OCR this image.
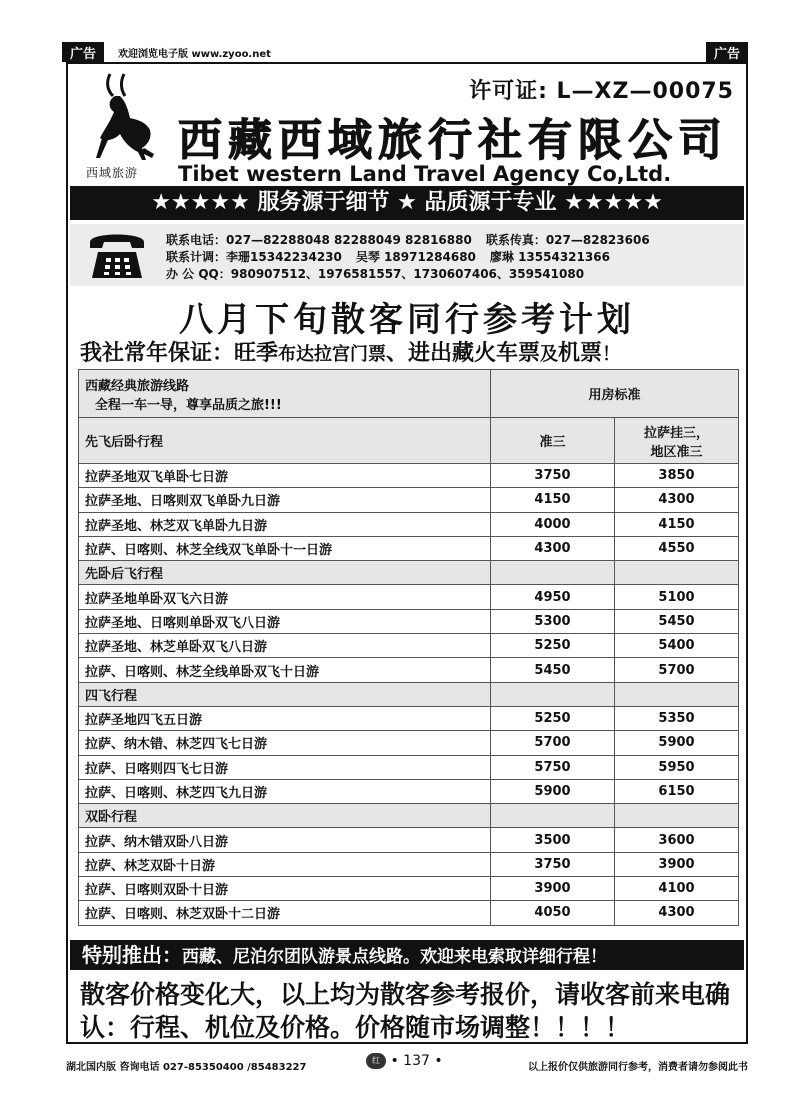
广告	欢迎浏览电子版 www.zyoo.net	广告
西域旅游
许可证: L—XZ—00075
西藏西域旅行社有限公司
Tibet western Land Travel Agency Co,Ltd.
★★★★★ 服务源于细节 ★ 品质源于专业 ★★★★★
联系电话：027—82288048 82288049 82816880 联系传真：027—82823606
联系计调：李珊15342234230 吴琴 18971284680 廖琳 13554321366
办 公 QQ：980907512、1976581557、1730607406、359541080
八月下旬散客同行参考计划
我社常年保证：旺季布达拉宫门票、进出藏火车票及机票！
西藏经典旅游线路
全程一车一导，尊享品质之旅!!!	用房标准	
先飞后卧行程	准三	拉萨挂三，
地区准三

拉萨圣地双飞单卧七日游	3750	3850
拉萨圣地、日喀则双飞单卧九日游	4150	4300
拉萨圣地、林芝双飞单卧九日游	4000	4150
拉萨、日喀则、林芝全线双飞单卧十一日游	4300	4550
先卧后飞行程		
拉萨圣地单卧双飞六日游	4950	5100
拉萨圣地、日喀则单卧双飞八日游	5300	5450
拉萨圣地、林芝单卧双飞八日游	5250	5400
拉萨、日喀则、林芝全线单卧双飞十日游	5450	5700
四飞行程		
拉萨圣地四飞五日游	5250	5350
拉萨、纳木错、林芝四飞七日游	5700	5900
拉萨、日喀则四飞七日游	5750	5950
拉萨、日喀则、林芝四飞九日游	5900	6150
双卧行程		
拉萨、纳木错双卧八日游	3500	3600
拉萨、林芝双卧十日游	3750	3900
拉萨、日喀则双卧十日游	3900	4100
拉萨、日喀则、林芝双卧十二日游	4050	4300
特别推出：西藏、尼泊尔团队游景点线路。欢迎来电索取详细行程！
散客价格变化大，以上均为散客参考报价，请收客前来电确认：行程、机位及价格。价格随市场调整！！！！
湖北国内版 咨询电话 027-85350400 /85483227
红 • 137 •	以上报价仅供旅游同行参考，消费者请勿参阅此书
